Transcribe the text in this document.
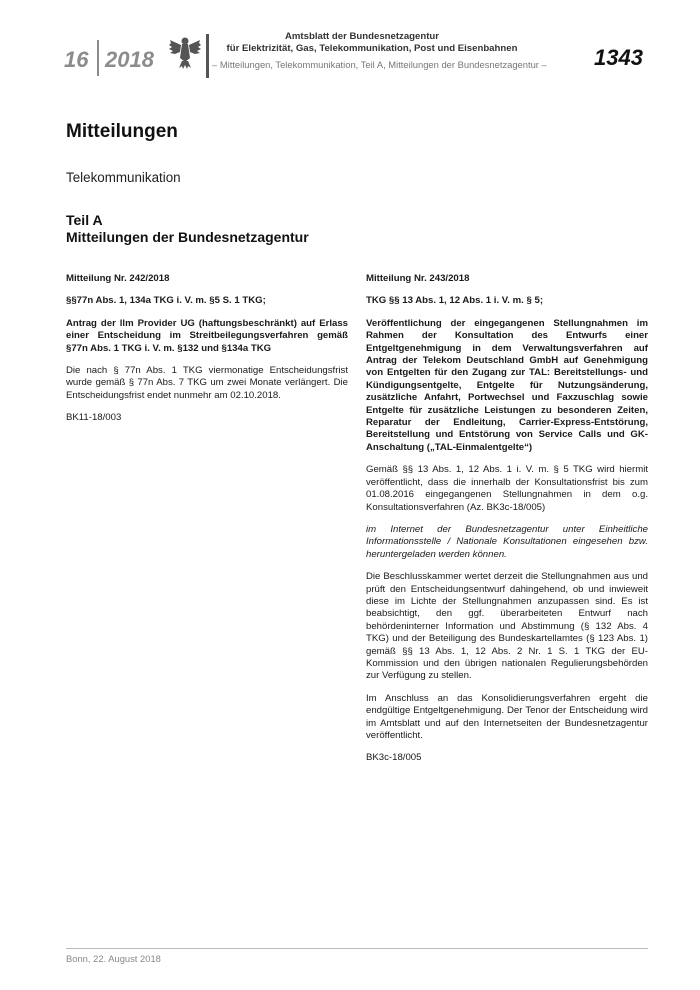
16 2018
Amtsblatt der Bundesnetzagentur
für Elektrizität, Gas, Telekommunikation, Post und Eisenbahnen
– Mitteilungen, Telekommunikation, Teil A, Mitteilungen der Bundesnetzagentur – 1343
Mitteilungen
Telekommunikation
Teil A
Mitteilungen der Bundesnetzagentur

Mitteilung Nr. 242/2018

§§77n Abs. 1, 134a TKG i. V. m. §5 S. 1 TKG;

Antrag der llm Provider UG (haftungsbeschränkt) auf Erlass einer Entscheidung im Streitbeilegungsverfahren gemäß §77n Abs. 1 TKG i. V. m. §132 und §134a TKG

Die nach § 77n Abs. 1 TKG viermonatige Entscheidungsfrist wurde gemäß § 77n Abs. 7 TKG um zwei Monate verlängert. Die Entscheidungsfrist endet nunmehr am 02.10.2018.

BK11-18/003

Mitteilung Nr. 243/2018

TKG §§ 13 Abs. 1, 12 Abs. 1 i. V. m. § 5;

Veröffentlichung der eingegangenen Stellungnahmen im Rahmen der Konsultation des Entwurfs einer Entgeltgenehmigung in dem Verwaltungsverfahren auf Antrag der Telekom Deutschland GmbH auf Genehmigung von Entgelten für den Zugang zur TAL: Bereitstellungs- und Kündigungsentgelte, Entgelte für Nutzungsänderung, zusätzliche Anfahrt, Portwechsel und Faxzuschlag sowie Entgelte für zusätzliche Leistungen zu besonderen Zeiten, Reparatur der Endleitung, Carrier-Express-Entstörung, Bereitstellung und Entstörung von Service Calls und GK-Anschaltung („TAL-Einmalentgelte“)

Gemäß §§ 13 Abs. 1, 12 Abs. 1 i. V. m. § 5 TKG wird hiermit veröffentlicht, dass die innerhalb der Konsultationsfrist bis zum 01.08.2016 eingegangenen Stellungnahmen in dem o.g. Konsultationsverfahren (Az. BK3c-18/005)

im Internet der Bundesnetzagentur unter Einheitliche Informationsstelle / Nationale Konsultationen eingesehen bzw. heruntergeladen werden können.

Die Beschlusskammer wertet derzeit die Stellungnahmen aus und prüft den Entscheidungsentwurf dahingehend, ob und inwieweit diese im Lichte der Stellungnahmen anzupassen sind. Es ist beabsichtigt, den ggf. überarbeiteten Entwurf nach behördeninterner Information und Abstimmung (§ 132 Abs. 4 TKG) und der Beteiligung des Bundeskartellamtes (§ 123 Abs. 1) gemäß §§ 13 Abs. 1, 12 Abs. 2 Nr. 1 S. 1 TKG der EU-Kommission und den übrigen nationalen Regulierungsbehörden zur Verfügung zu stellen.

Im Anschluss an das Konsolidierungsverfahren ergeht die endgültige Entgeltgenehmigung. Der Tenor der Entscheidung wird im Amtsblatt und auf den Internetseiten der Bundesnetzagentur veröffentlicht.

BK3c-18/005

Bonn, 22. August 2018
